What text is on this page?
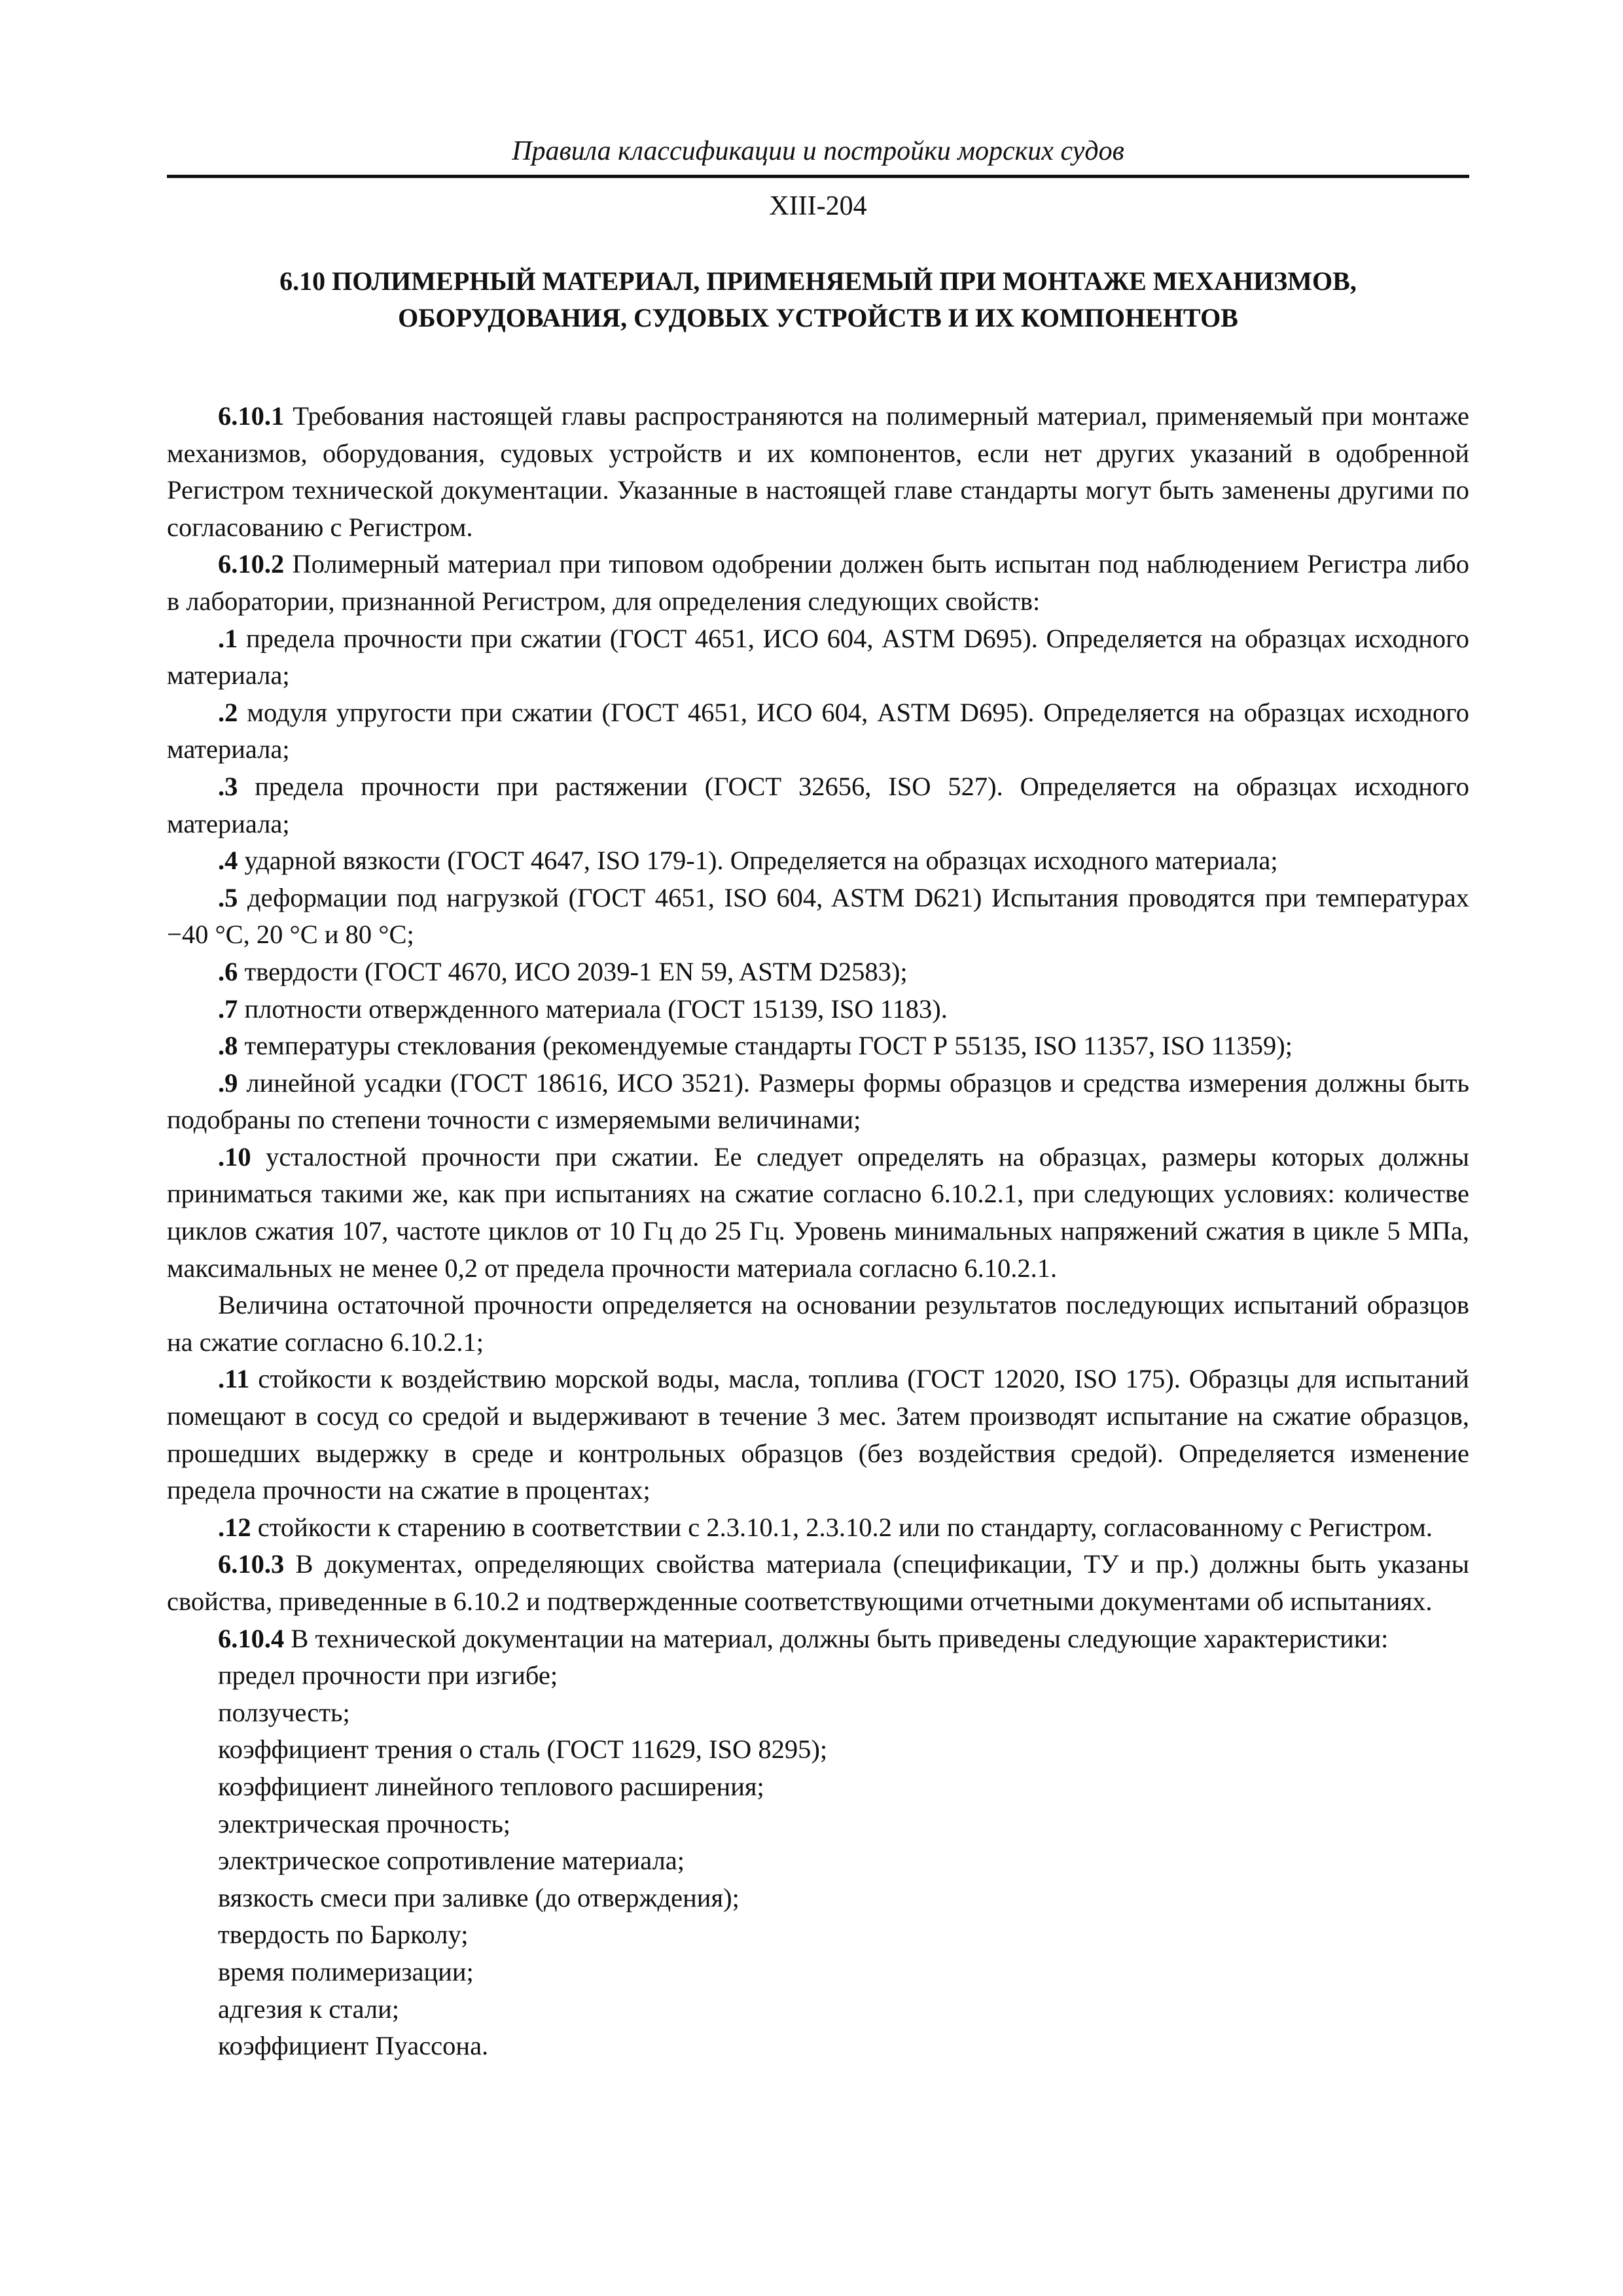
Правила классификации и постройки морских судов
XIII-204
6.10 ПОЛИМЕРНЫЙ МАТЕРИАЛ, ПРИМЕНЯЕМЫЙ ПРИ МОНТАЖЕ МЕХАНИЗМОВ,
ОБОРУДОВАНИЯ, СУДОВЫХ УСТРОЙСТВ И ИХ КОМПОНЕНТОВ

6.10.1 Требования настоящей главы распространяются на полимерный материал, применяемый при монтаже механизмов, оборудования, судовых устройств и их компонентов, если нет других указаний в одобренной Регистром технической документации. Указанные в настоящей главе стандарты могут быть заменены другими по согласованию с Регистром.

6.10.2 Полимерный материал при типовом одобрении должен быть испытан под наблюдением Регистра либо в лаборатории, признанной Регистром, для определения следующих свойств:

.1 предела прочности при сжатии (ГОСТ 4651, ИСО 604, ASTM D695). Определяется на образцах исходного материала;

.2 модуля упругости при сжатии (ГОСТ 4651, ИСО 604, ASTM D695). Определяется на образцах исходного материала;

.3 предела прочности при растяжении (ГОСТ 32656, ISO 527). Определяется на образцах исходного материала;

.4 ударной вязкости (ГОСТ 4647, ISO 179-1). Определяется на образцах исходного материала;

.5 деформации под нагрузкой (ГОСТ 4651, ISO 604, ASTM D621) Испытания проводятся при температурах −40 °С, 20 °С и 80 °С;

.6 твердости (ГОСТ 4670, ИСО 2039-1 EN 59, ASTM D2583);

.7 плотности отвержденного материала (ГОСТ 15139, ISO 1183).

.8 температуры стеклования (рекомендуемые стандарты ГОСТ Р 55135, ISO 11357, ISO 11359);

.9 линейной усадки (ГОСТ 18616, ИСО 3521). Размеры формы образцов и средства измерения должны быть подобраны по степени точности с измеряемыми величинами;

.10 усталостной прочности при сжатии. Ее следует определять на образцах, размеры которых должны приниматься такими же, как при испытаниях на сжатие согласно 6.10.2.1, при следующих условиях: количестве циклов сжатия 107, частоте циклов от 10 Гц до 25 Гц. Уровень минимальных напряжений сжатия в цикле 5 МПа, максимальных не менее 0,2 от предела прочности материала согласно 6.10.2.1.

Величина остаточной прочности определяется на основании результатов последующих испытаний образцов на сжатие согласно 6.10.2.1;

.11 стойкости к воздействию морской воды, масла, топлива (ГОСТ 12020, ISO 175). Образцы для испытаний помещают в сосуд со средой и выдерживают в течение 3 мес. Затем производят испытание на сжатие образцов, прошедших выдержку в среде и контрольных образцов (без воздействия средой). Определяется изменение предела прочности на сжатие в процентах;

.12 стойкости к старению в соответствии с 2.3.10.1, 2.3.10.2 или по стандарту, согласованному с Регистром.

6.10.3 В документах, определяющих свойства материала (спецификации, ТУ и пр.) должны быть указаны свойства, приведенные в 6.10.2 и подтвержденные соответствующими отчетными документами об испытаниях.

6.10.4 В технической документации на материал, должны быть приведены следующие характеристики:

предел прочности при изгибе;

ползучесть;

коэффициент трения о сталь (ГОСТ 11629, ISO 8295);

коэффициент линейного теплового расширения;

электрическая прочность;

электрическое сопротивление материала;

вязкость смеси при заливке (до отверждения);

твердость по Барколу;

время полимеризации;

адгезия к стали;

коэффициент Пуассона.
